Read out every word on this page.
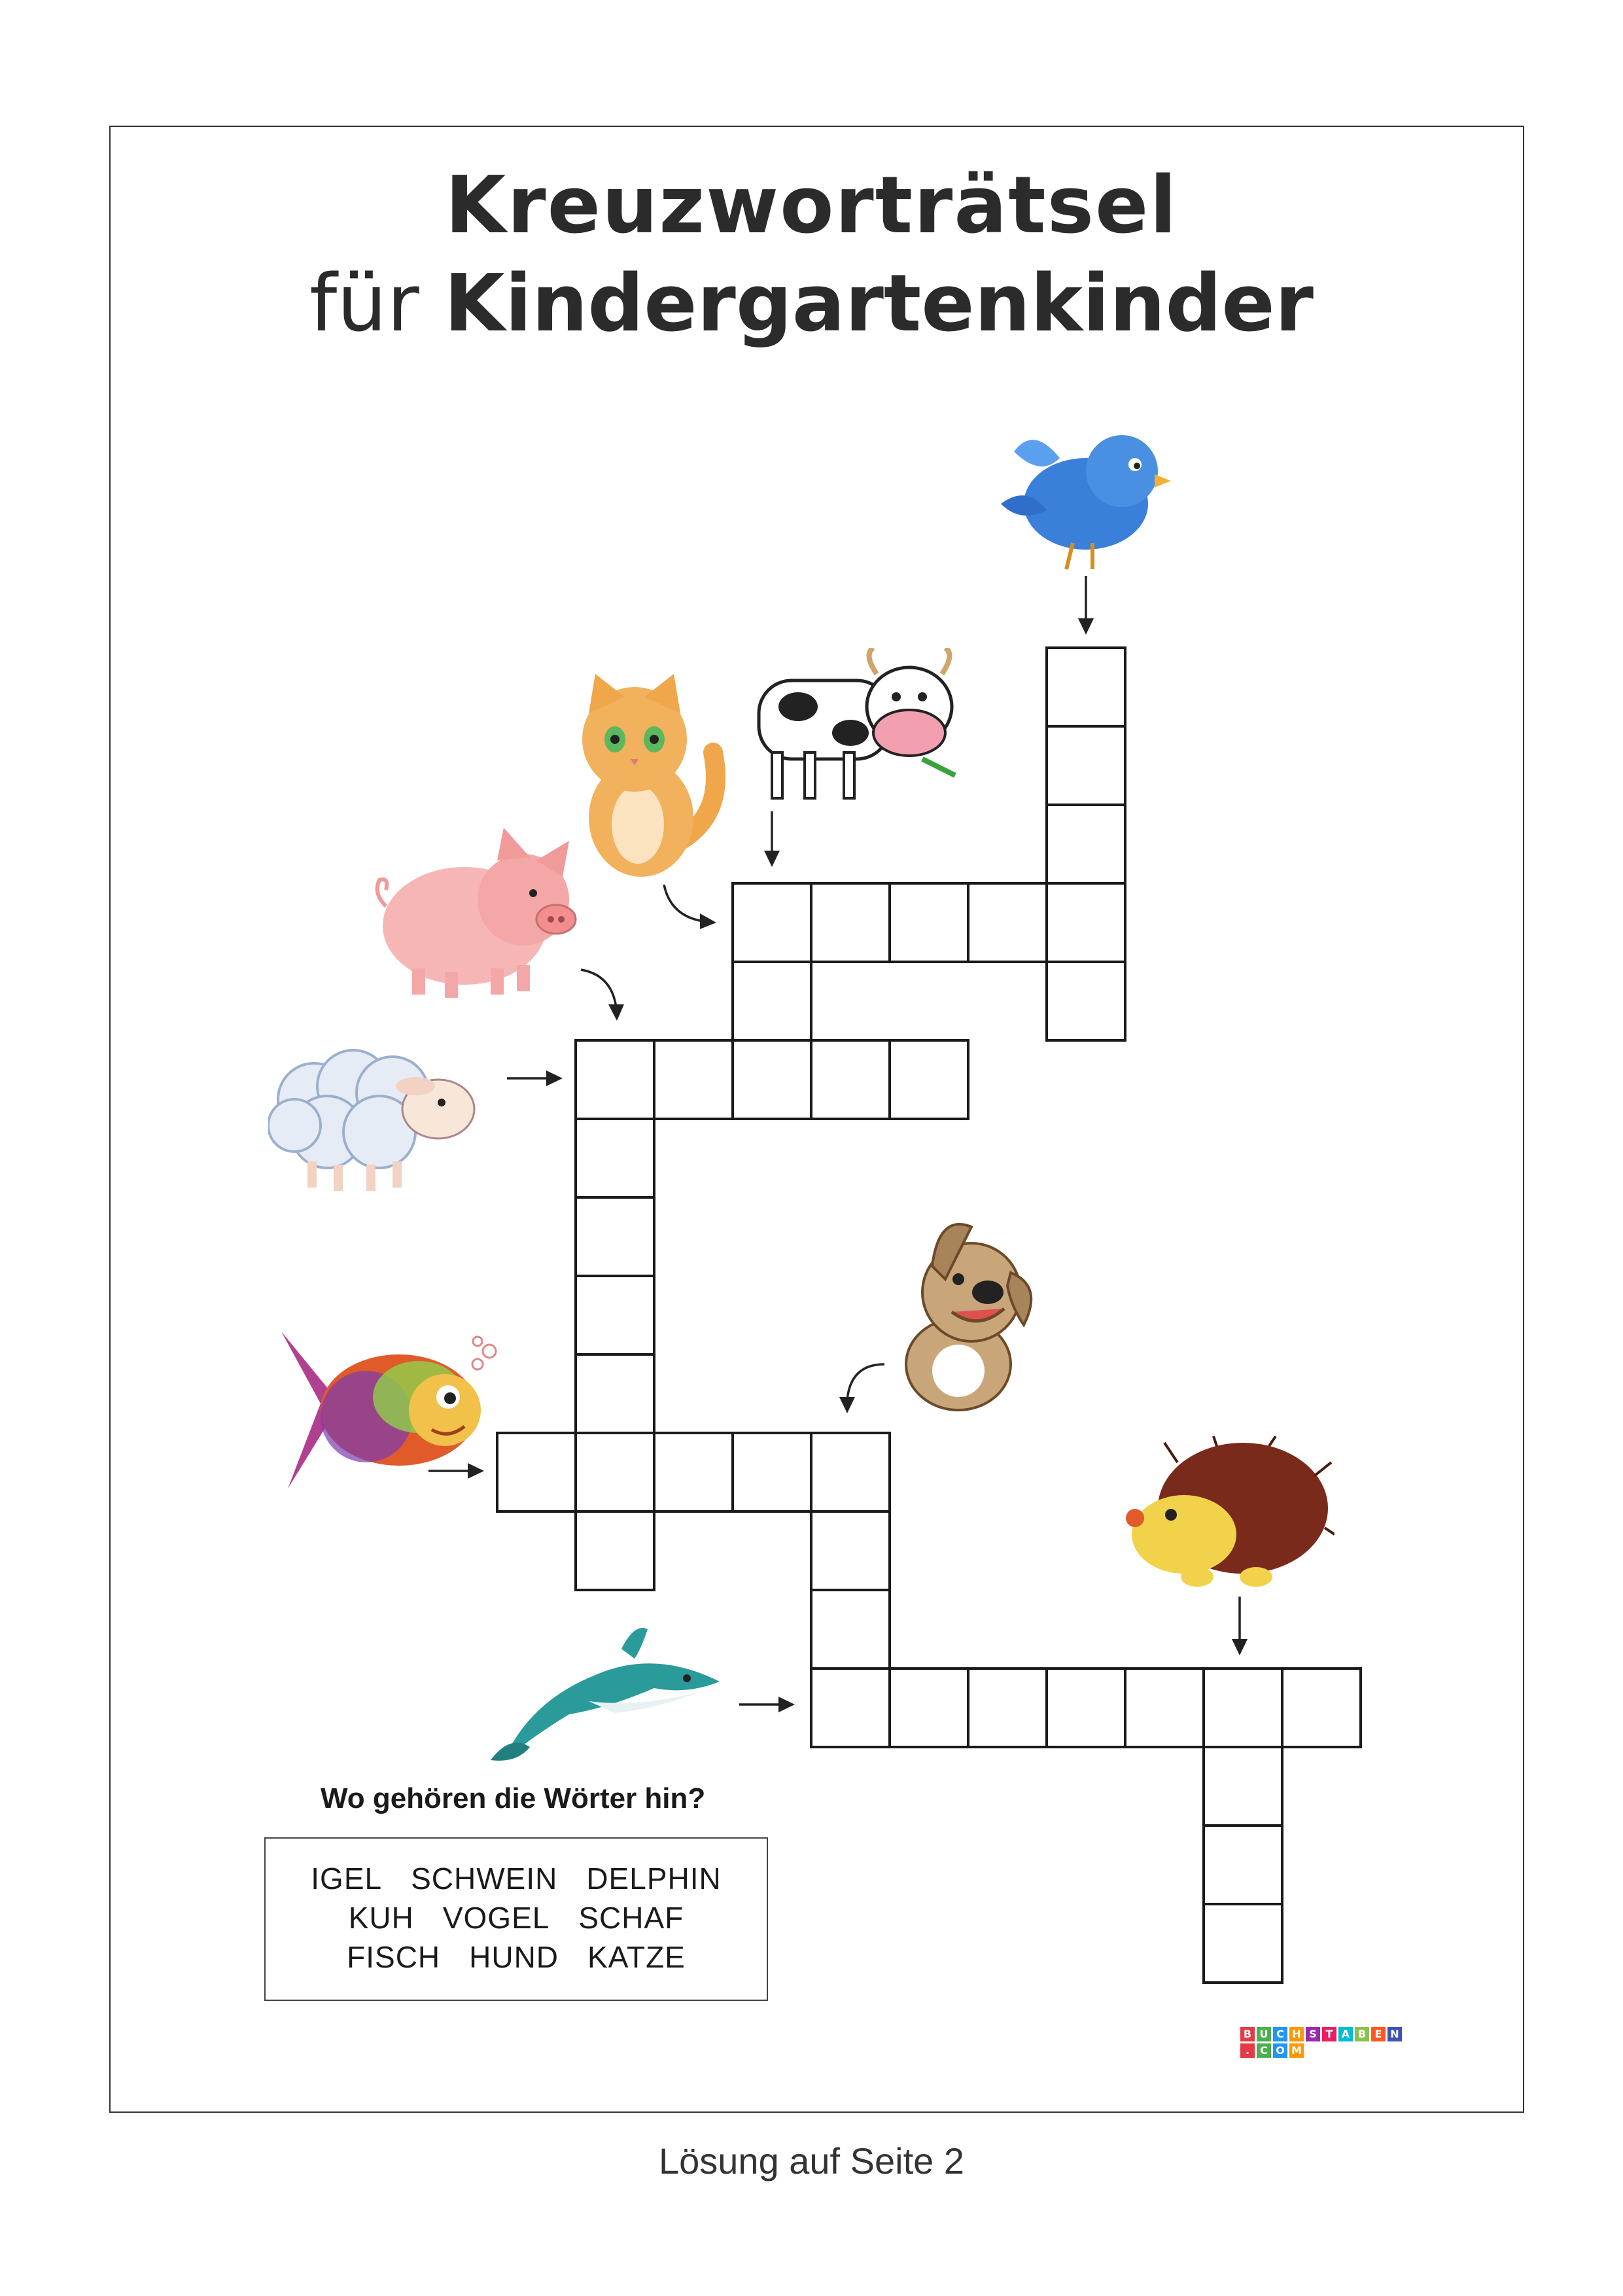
Kreuzworträtsel
für Kindergartenkinder
Wo gehören die Wörter hin?
IGEL SCHWEIN DELPHIN
KUH VOGEL SCHAF
FISCH HUND KATZE
B U C H S T A B E N
. C O M
Lösung auf Seite 2
